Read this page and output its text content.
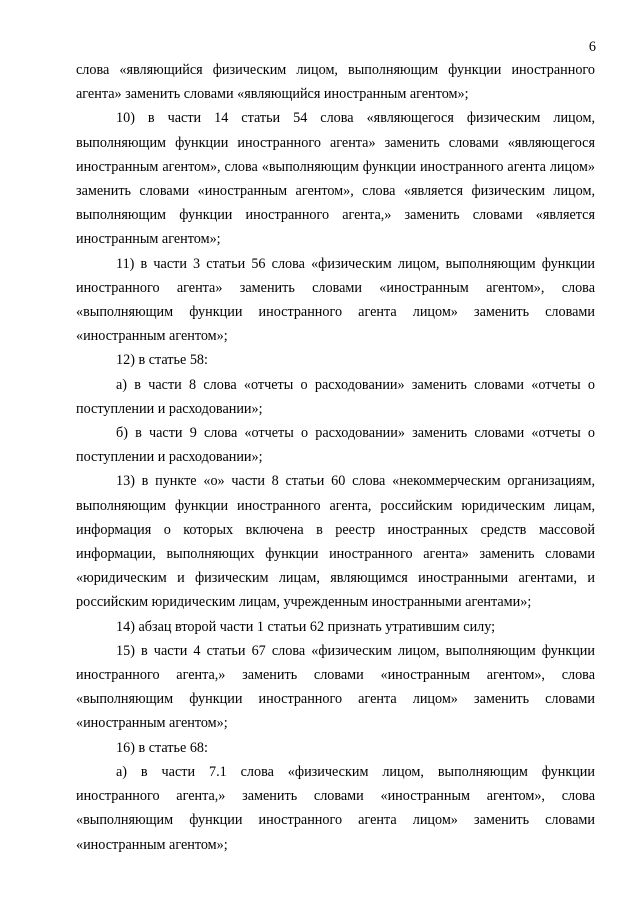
6

слова «являющийся физическим лицом, выполняющим функции иностранного агента» заменить словами «являющийся иностранным агентом»;

10) в части 14 статьи 54 слова «являющегося физическим лицом, выполняющим функции иностранного агента» заменить словами «являющегося иностранным агентом», слова «выполняющим функции иностранного агента лицом» заменить словами «иностранным агентом», слова «является физическим лицом, выполняющим функции иностранного агента,» заменить словами «является иностранным агентом»;

11) в части 3 статьи 56 слова «физическим лицом, выполняющим функции иностранного агента» заменить словами «иностранным агентом», слова «выполняющим функции иностранного агента лицом» заменить словами «иностранным агентом»;

12) в статье 58:

а) в части 8 слова «отчеты о расходовании» заменить словами «отчеты о поступлении и расходовании»;

б) в части 9 слова «отчеты о расходовании» заменить словами «отчеты о поступлении и расходовании»;

13) в пункте «о» части 8 статьи 60 слова «некоммерческим организациям, выполняющим функции иностранного агента, российским юридическим лицам, информация о которых включена в реестр иностранных средств массовой информации, выполняющих функции иностранного агента» заменить словами «юридическим и физическим лицам, являющимся иностранными агентами, и российским юридическим лицам, учрежденным иностранными агентами»;

14) абзац второй части 1 статьи 62 признать утратившим силу;

15) в части 4 статьи 67 слова «физическим лицом, выполняющим функции иностранного агента,» заменить словами «иностранным агентом», слова «выполняющим функции иностранного агента лицом» заменить словами «иностранным агентом»;

16) в статье 68:

а) в части 7.1 слова «физическим лицом, выполняющим функции иностранного агента,» заменить словами «иностранным агентом», слова «выполняющим функции иностранного агента лицом» заменить словами «иностранным агентом»;
